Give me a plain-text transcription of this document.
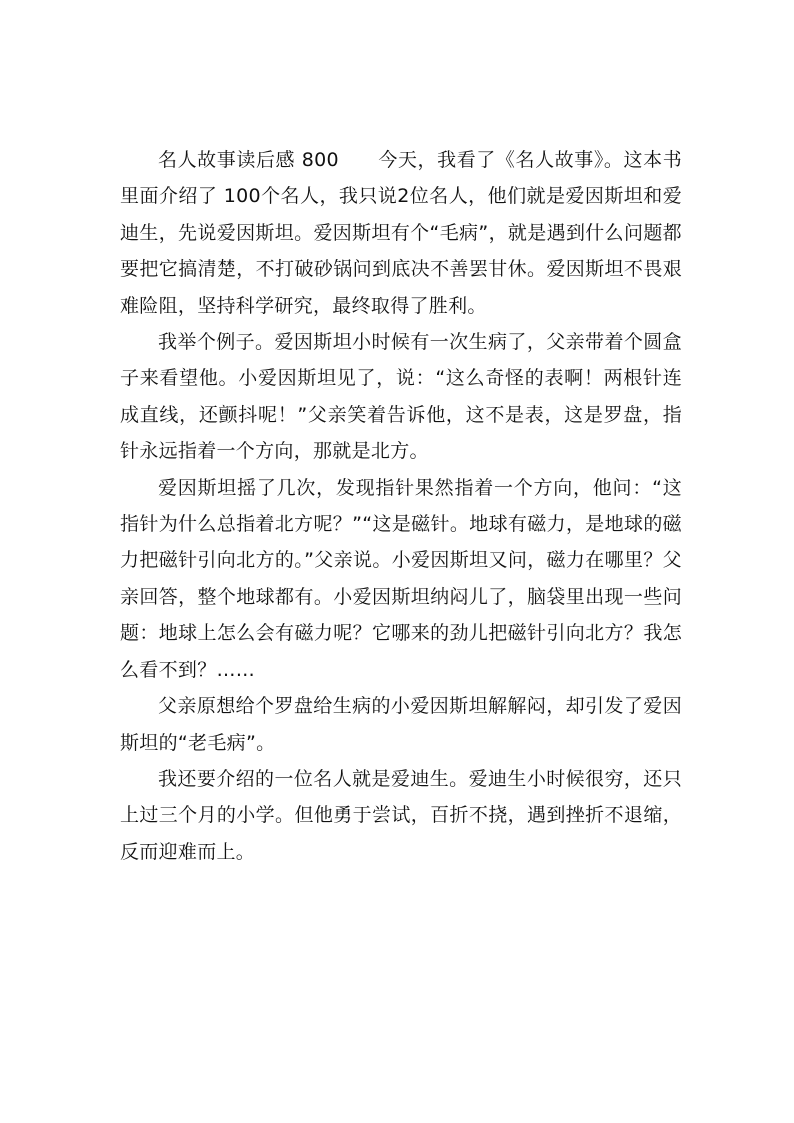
名人故事读后感 800　　今天，我看了《名人故事》。这本书里面介绍了 100个名人，我只说2位名人，他们就是爱因斯坦和爱迪生，先说爱因斯坦。爱因斯坦有个“毛病”，就是遇到什么问题都要把它搞清楚，不打破砂锅问到底决不善罢甘休。爱因斯坦不畏艰难险阻，坚持科学研究，最终取得了胜利。

我举个例子。爱因斯坦小时候有一次生病了，父亲带着个圆盒子来看望他。小爱因斯坦见了，说：“这么奇怪的表啊！两根针连成直线，还颤抖呢！”父亲笑着告诉他，这不是表，这是罗盘，指针永远指着一个方向，那就是北方。

爱因斯坦摇了几次，发现指针果然指着一个方向，他问：“这指针为什么总指着北方呢？”“这是磁针。地球有磁力，是地球的磁力把磁针引向北方的。”父亲说。小爱因斯坦又问，磁力在哪里？父亲回答，整个地球都有。小爱因斯坦纳闷儿了，脑袋里出现一些问题：地球上怎么会有磁力呢？它哪来的劲儿把磁针引向北方？我怎么看不到？……

父亲原想给个罗盘给生病的小爱因斯坦解解闷，却引发了爱因斯坦的“老毛病”。

我还要介绍的一位名人就是爱迪生。爱迪生小时候很穷，还只上过三个月的小学。但他勇于尝试，百折不挠，遇到挫折不退缩，反而迎难而上。
